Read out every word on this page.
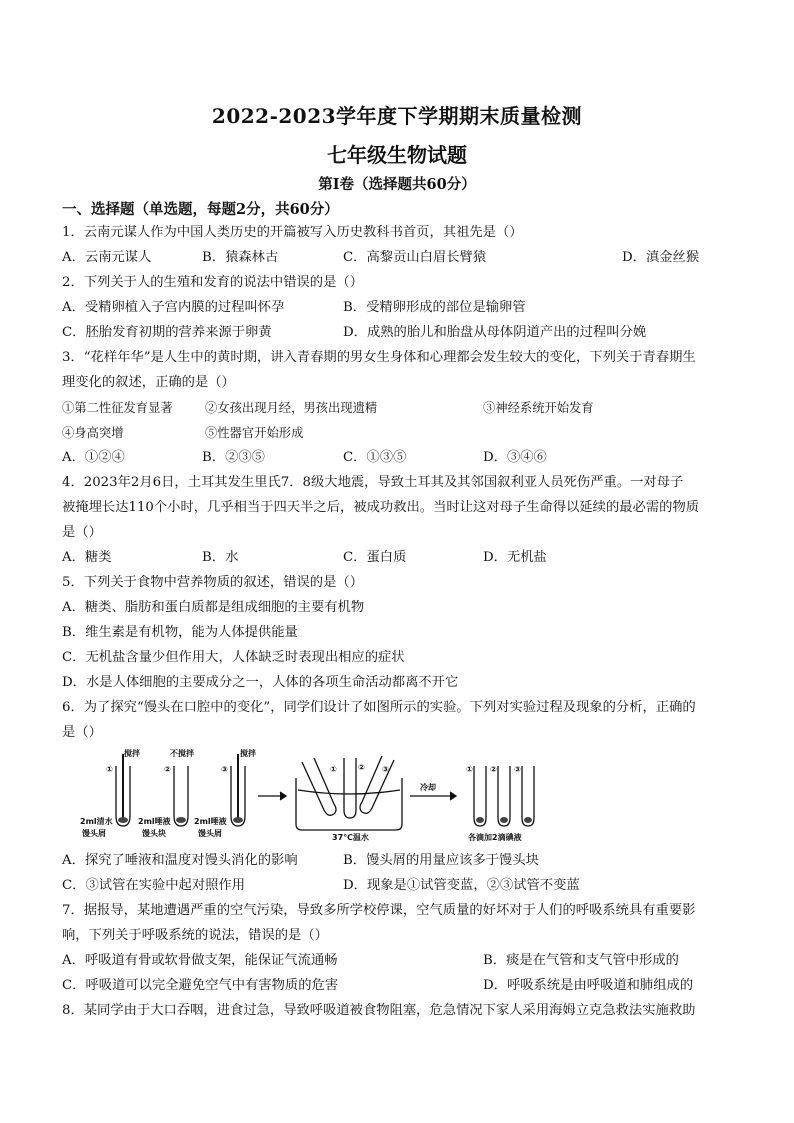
2022-2023学年度下学期期末质量检测
七年级生物试题
第Ⅰ卷（选择题共60分）
一、选择题（单选题，每题2分，共60分）
1．云南元谋人作为中国人类历史的开篇被写入历史教科书首页，其祖先是（）
A．云南元谋人	B．猿森林古	C．高黎贡山白眉长臂猿	D．滇金丝猴
2．下列关于人的生殖和发育的说法中错误的是（）
A．受精卵植入子宫内膜的过程叫怀孕	B．受精卵形成的部位是输卵管
C．胚胎发育初期的营养来源于卵黄	D．成熟的胎儿和胎盘从母体阴道产出的过程叫分娩
3．“花样年华”是人生中的黄时期，讲入青春期的男女生身体和心理都会发生较大的变化，下列关于青春期生
理变化的叙述，正确的是（）
①第二性征发育显著	②女孩出现月经，男孩出现遗精	③神经系统开始发育
④身高突增	⑤性器官开始形成
A．①②④	B．②③⑤	C．①③⑤	D．③④⑥
4．2023年2月6日，土耳其发生里氏7．8级大地震，导致土耳其及其邻国叙利亚人员死伤严重。一对母子
被掩埋长达110个小时，几乎相当于四天半之后，被成功救出。当时让这对母子生命得以延续的最必需的物质
是（）
A．糖类	B．水	C．蛋白质	D．无机盐
5．下列关于食物中营养物质的叙述，错误的是（）
A．糖类、脂肪和蛋白质都是组成细胞的主要有机物
B．维生素是有机物，能为人体提供能量
C．无机盐含量少但作用大，人体缺乏时表现出相应的症状
D．水是人体细胞的主要成分之一，人体的各项生命活动都离不开它
6．为了探究“馒头在口腔中的变化”，同学们设计了如图所示的实验。下列对实验过程及现象的分析，正确的
是（）
搅拌	不搅拌	搅拌
①	②	③
2ml清水
馒头屑
2ml唾液
馒头块
2ml唾液
馒头屑	37℃温水
冷却
各滴加2滴碘液
①	② ③	① ② ③
A．探究了唾液和温度对馒头消化的影响	B．馒头屑的用量应该多于馒头块
C．③试管在实验中起对照作用	D．现象是①试管变蓝，②③试管不变蓝
7．据报导，某地遭遇严重的空气污染，导致多所学校停课，空气质量的好坏对于人们的呼吸系统具有重要影
响，下列关于呼吸系统的说法，错误的是（）
A．呼吸道有骨或软骨做支架，能保证气流通畅	B．痰是在气管和支气管中形成的
C．呼吸道可以完全避免空气中有害物质的危害	D．呼吸系统是由呼吸道和肺组成的
8．某同学由于大口吞咽，进食过急，导致呼吸道被食物阻塞，危急情况下家人采用海姆立克急救法实施救助
